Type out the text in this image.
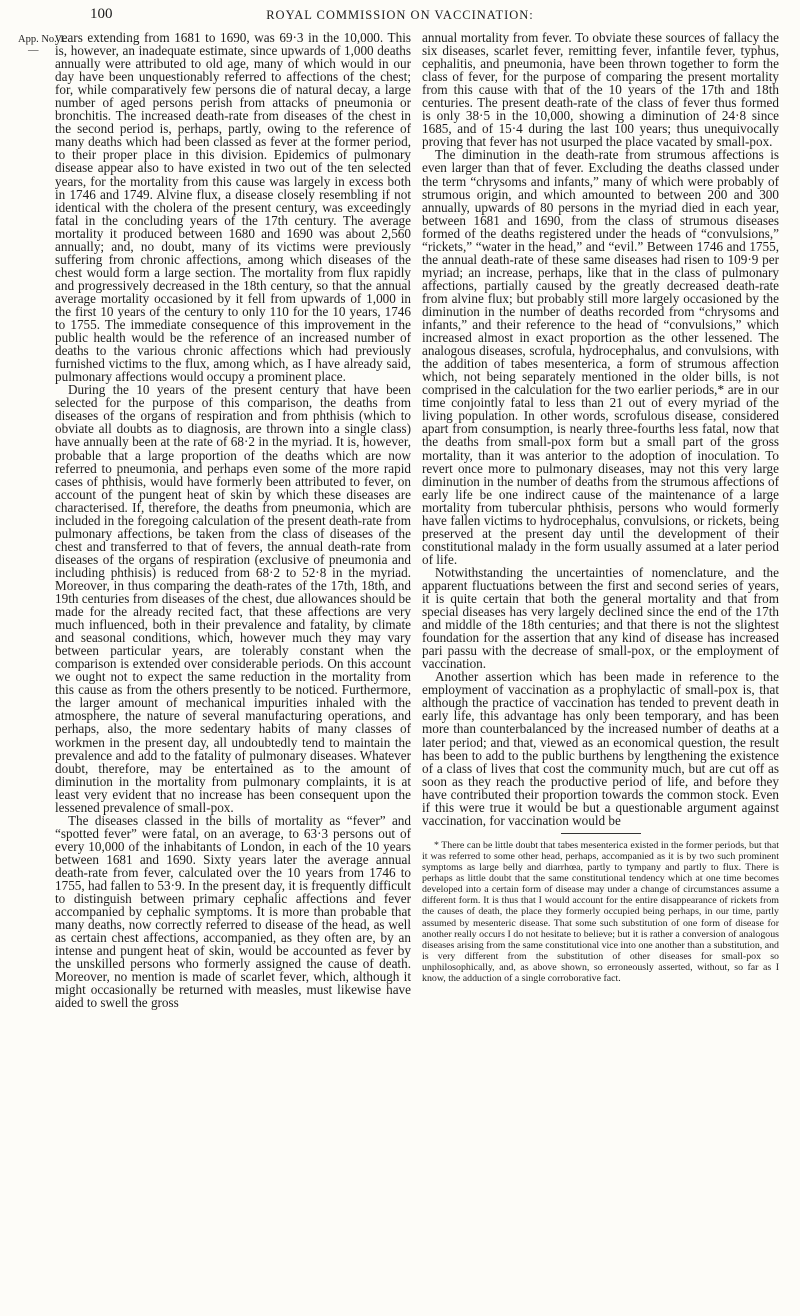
100	ROYAL COMMISSION ON VACCINATION:
App. No. 1.
—

years extending from 1681 to 1690, was 69·3 in the 10,000. This is, however, an inadequate estimate, since upwards of 1,000 deaths annually were attributed to old age, many of which would in our day have been unquestionably referred to affections of the chest; for, while comparatively few persons die of natural decay, a large number of aged persons perish from attacks of pneumonia or bronchitis. The increased death-rate from diseases of the chest in the second period is, perhaps, partly, owing to the reference of many deaths which had been classed as fever at the former period, to their proper place in this division. Epidemics of pulmonary disease appear also to have existed in two out of the ten selected years, for the mortality from this cause was largely in excess both in 1746 and 1749. Alvine flux, a disease closely resembling if not identical with the cholera of the present century, was exceedingly fatal in the concluding years of the 17th century. The average mortality it produced between 1680 and 1690 was about 2,560 annually; and, no doubt, many of its victims were previously suffering from chronic affections, among which diseases of the chest would form a large section. The mortality from flux rapidly and progressively decreased in the 18th century, so that the annual average mortality occasioned by it fell from upwards of 1,000 in the first 10 years of the century to only 110 for the 10 years, 1746 to 1755. The immediate consequence of this improvement in the public health would be the reference of an increased number of deaths to the various chronic affections which had previously furnished victims to the flux, among which, as I have already said, pulmonary affections would occupy a prominent place.

During the 10 years of the present century that have been selected for the purpose of this comparison, the deaths from diseases of the organs of respiration and from phthisis (which to obviate all doubts as to diagnosis, are thrown into a single class) have annually been at the rate of 68·2 in the myriad. It is, however, probable that a large proportion of the deaths which are now referred to pneumonia, and perhaps even some of the more rapid cases of phthisis, would have formerly been attributed to fever, on account of the pungent heat of skin by which these diseases are characterised. If, therefore, the deaths from pneumonia, which are included in the foregoing calculation of the present death-rate from pulmonary affections, be taken from the class of diseases of the chest and transferred to that of fevers, the annual death-rate from diseases of the organs of respiration (exclusive of pneumonia and including phthisis) is reduced from 68·2 to 52·8 in the myriad. Moreover, in thus comparing the death-rates of the 17th, 18th, and 19th centuries from diseases of the chest, due allowances should be made for the already recited fact, that these affections are very much influenced, both in their prevalence and fatality, by climate and seasonal conditions, which, however much they may vary between particular years, are tolerably constant when the comparison is extended over considerable periods. On this account we ought not to expect the same reduction in the mortality from this cause as from the others presently to be noticed. Furthermore, the larger amount of mechanical impurities inhaled with the atmosphere, the nature of several manufacturing operations, and perhaps, also, the more sedentary habits of many classes of workmen in the present day, all undoubtedly tend to maintain the prevalence and add to the fatality of pulmonary diseases. Whatever doubt, therefore, may be entertained as to the amount of diminution in the mortality from pulmonary complaints, it is at least very evident that no increase has been consequent upon the lessened prevalence of small-pox.

The diseases classed in the bills of mortality as “fever” and “spotted fever” were fatal, on an average, to 63·3 persons out of every 10,000 of the inhabitants of London, in each of the 10 years between 1681 and 1690. Sixty years later the average annual death-rate from fever, calculated over the 10 years from 1746 to 1755, had fallen to 53·9. In the present day, it is frequently difficult to distinguish between primary cephalic affections and fever accompanied by cephalic symptoms. It is more than probable that many deaths, now correctly referred to disease of the head, as well as certain chest affections, accompanied, as they often are, by an intense and pungent heat of skin, would be accounted as fever by the unskilled persons who formerly assigned the cause of death. Moreover, no mention is made of scarlet fever, which, although it might occasionally be returned with measles, must likewise have aided to swell the gross

annual mortality from fever. To obviate these sources of fallacy the six diseases, scarlet fever, remitting fever, infantile fever, typhus, cephalitis, and pneumonia, have been thrown together to form the class of fever, for the purpose of comparing the present mortality from this cause with that of the 10 years of the 17th and 18th centuries. The present death-rate of the class of fever thus formed is only 38·5 in the 10,000, showing a diminution of 24·8 since 1685, and of 15·4 during the last 100 years; thus unequivocally proving that fever has not usurped the place vacated by small-pox.

The diminution in the death-rate from strumous affections is even larger than that of fever. Excluding the deaths classed under the term “chrysoms and infants,” many of which were probably of strumous origin, and which amounted to between 200 and 300 annually, upwards of 80 persons in the myriad died in each year, between 1681 and 1690, from the class of strumous diseases formed of the deaths registered under the heads of “convulsions,” “rickets,” “water in the head,” and “evil.” Between 1746 and 1755, the annual death-rate of these same diseases had risen to 109·9 per myriad; an increase, perhaps, like that in the class of pulmonary affections, partially caused by the greatly decreased death-rate from alvine flux; but probably still more largely occasioned by the diminution in the number of deaths recorded from “chrysoms and infants,” and their reference to the head of “convulsions,” which increased almost in exact proportion as the other lessened. The analogous diseases, scrofula, hydrocephalus, and convulsions, with the addition of tabes mesenterica, a form of strumous affection which, not being separately mentioned in the older bills, is not comprised in the calculation for the two earlier periods,* are in our time conjointly fatal to less than 21 out of every myriad of the living population. In other words, scrofulous disease, considered apart from consumption, is nearly three-fourths less fatal, now that the deaths from small-pox form but a small part of the gross mortality, than it was anterior to the adoption of inoculation. To revert once more to pulmonary diseases, may not this very large diminution in the number of deaths from the strumous affections of early life be one indirect cause of the maintenance of a large mortality from tubercular phthisis, persons who would formerly have fallen victims to hydrocephalus, convulsions, or rickets, being preserved at the present day until the development of their constitutional malady in the form usually assumed at a later period of life.

Notwithstanding the uncertainties of nomenclature, and the apparent fluctuations between the first and second series of years, it is quite certain that both the general mortality and that from special diseases has very largely declined since the end of the 17th and middle of the 18th centuries; and that there is not the slightest foundation for the assertion that any kind of disease has increased pari passu with the decrease of small-pox, or the employment of vaccination.

Another assertion which has been made in reference to the employment of vaccination as a prophylactic of small-pox is, that although the practice of vaccination has tended to prevent death in early life, this advantage has only been temporary, and has been more than counterbalanced by the increased number of deaths at a later period; and that, viewed as an economical question, the result has been to add to the public burthens by lengthening the existence of a class of lives that cost the community much, but are cut off as soon as they reach the productive period of life, and before they have contributed their proportion towards the common stock. Even if this were true it would be but a questionable argument against vaccination, for vaccination would be

* There can be little doubt that tabes mesenterica existed in the former periods, but that it was referred to some other head, perhaps, accompanied as it is by two such prominent symptoms as large belly and diarrhœa, partly to tympany and partly to flux. There is perhaps as little doubt that the same constitutional tendency which at one time becomes developed into a certain form of disease may under a change of circumstances assume a different form. It is thus that I would account for the entire disappearance of rickets from the causes of death, the place they formerly occupied being perhaps, in our time, partly assumed by mesenteric disease. That some such substitution of one form of disease for another really occurs I do not hesitate to believe; but it is rather a conversion of analogous diseases arising from the same constitutional vice into one another than a substitution, and is very different from the substitution of other diseases for small-pox so unphilosophically, and, as above shown, so erroneously asserted, without, so far as I know, the adduction of a single corroborative fact.
